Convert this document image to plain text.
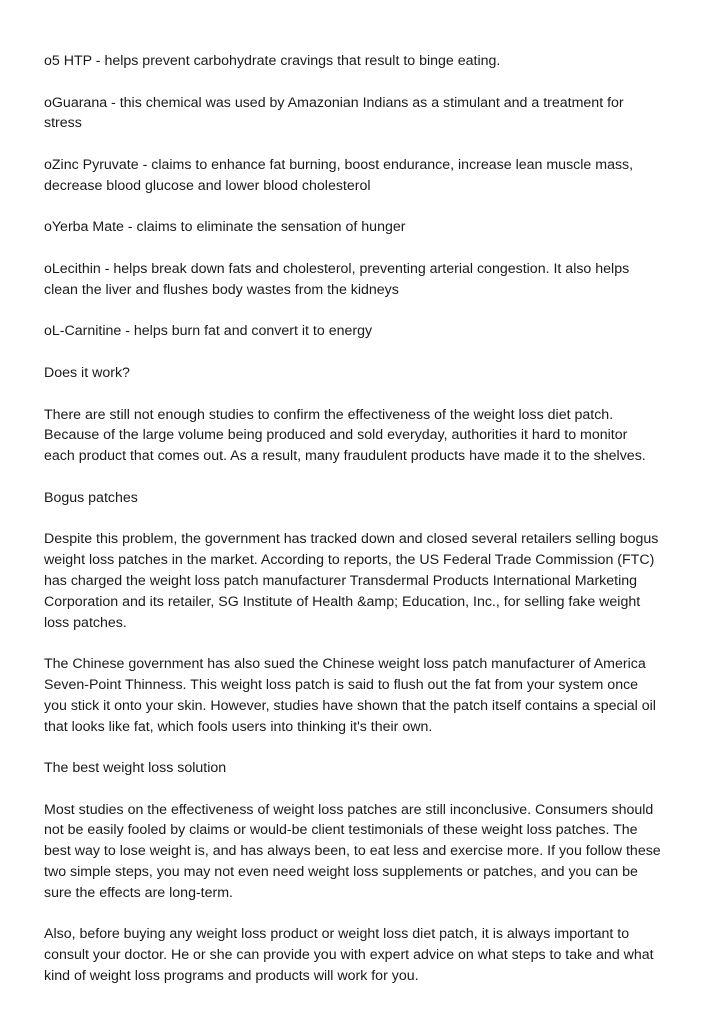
o5 HTP - helps prevent carbohydrate cravings that result to binge eating.

oGuarana - this chemical was used by Amazonian Indians as a stimulant and a treatment for
stress

oZinc Pyruvate - claims to enhance fat burning, boost endurance, increase lean muscle mass,
decrease blood glucose and lower blood cholesterol

oYerba Mate - claims to eliminate the sensation of hunger

oLecithin - helps break down fats and cholesterol, preventing arterial congestion. It also helps
clean the liver and flushes body wastes from the kidneys

oL-Carnitine - helps burn fat and convert it to energy

Does it work?

There are still not enough studies to confirm the effectiveness of the weight loss diet patch.
Because of the large volume being produced and sold everyday, authorities it hard to monitor
each product that comes out. As a result, many fraudulent products have made it to the shelves.

Bogus patches

Despite this problem, the government has tracked down and closed several retailers selling bogus
weight loss patches in the market. According to reports, the US Federal Trade Commission (FTC)
has charged the weight loss patch manufacturer Transdermal Products International Marketing
Corporation and its retailer, SG Institute of Health &amp; Education, Inc., for selling fake weight
loss patches.

The Chinese government has also sued the Chinese weight loss patch manufacturer of America
Seven-Point Thinness. This weight loss patch is said to flush out the fat from your system once
you stick it onto your skin. However, studies have shown that the patch itself contains a special oil
that looks like fat, which fools users into thinking it's their own.

The best weight loss solution

Most studies on the effectiveness of weight loss patches are still inconclusive. Consumers should
not be easily fooled by claims or would-be client testimonials of these weight loss patches. The
best way to lose weight is, and has always been, to eat less and exercise more. If you follow these
two simple steps, you may not even need weight loss supplements or patches, and you can be
sure the effects are long-term.

Also, before buying any weight loss product or weight loss diet patch, it is always important to
consult your doctor. He or she can provide you with expert advice on what steps to take and what
kind of weight loss programs and products will work for you.
